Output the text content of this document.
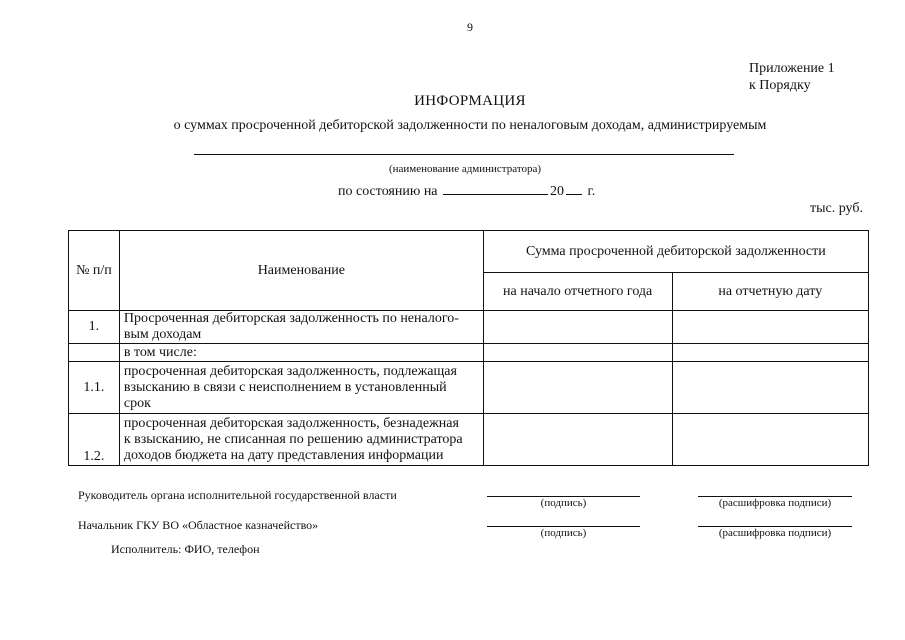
9
Приложение 1
к Порядку
ИНФОРМАЦИЯ
о суммах просроченной дебиторской задолженности по неналоговым доходам, администрируемым
(наименование администратора)
по состоянию на	20 г.
тыс. руб.
№ п/п	Наименование	Сумма просроченной дебиторской задолженности	
		на начало отчетного года	на отчетную дату
1.	Просроченная дебиторская задолженность по неналого-
вым доходам		

	в том числе:		

1.1.	просроченная дебиторская задолженность, подлежащая
взысканию в связи с неисполнением в установленный
срок		

1.2.	просроченная дебиторская задолженность, безнадежная
к взысканию, не списанная по решению администратора
доходов бюджета на дату представления информации		

Руководитель органа исполнительной государственной власти
(подпись)	(расшифровка подписи)
Начальник ГКУ ВО «Областное казначейство»
(подпись)	(расшифровка подписи)
Исполнитель: ФИО, телефон
